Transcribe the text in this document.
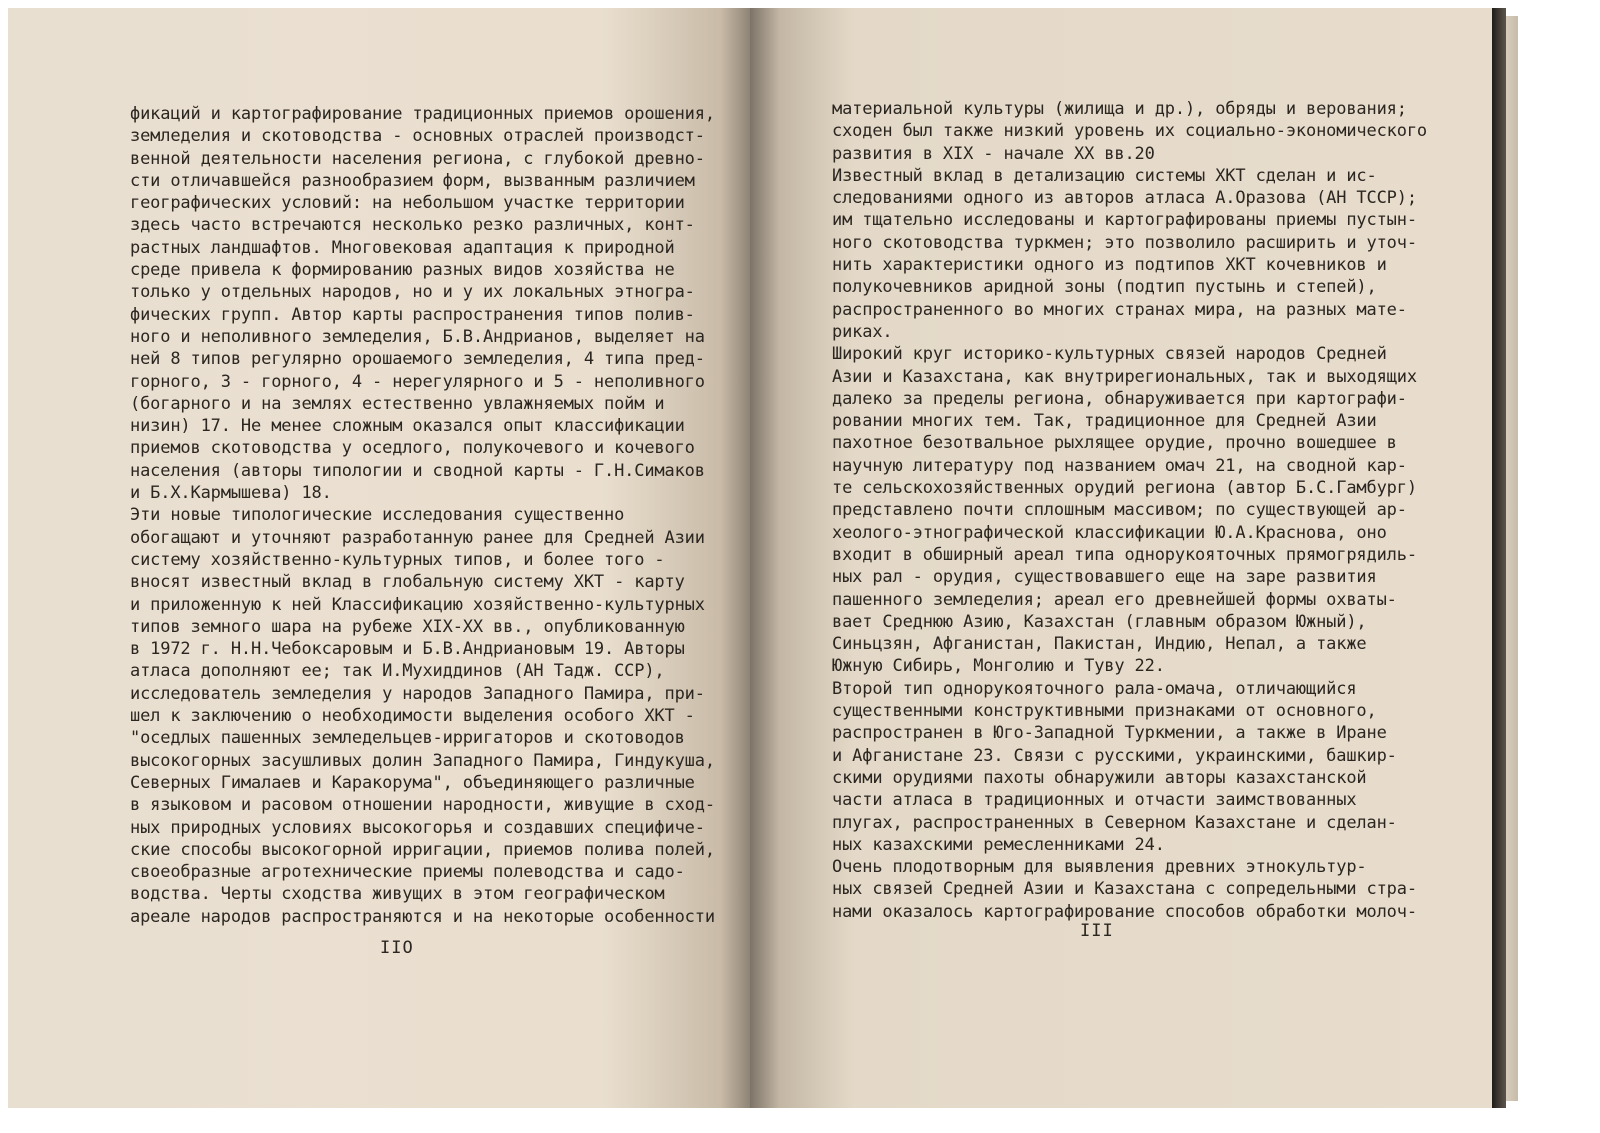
фикаций и картографирование традиционных приемов орошения,
земледелия и скотоводства - основных отраслей производст-
венной деятельности населения региона, с глубокой древно-
сти отличавшейся разнообразием форм, вызванным различием
географических условий: на небольшом участке территории
здесь часто встречаются несколько резко различных, конт-
растных ландшафтов. Многовековая адаптация к природной
среде привела к формированию разных видов хозяйства не
только у отдельных народов, но и у их локальных этногра-
фических групп. Автор карты распространения типов полив-
ного и неполивного земледелия, Б.В.Андрианов, выделяет на
ней 8 типов регулярно орошаемого земледелия, 4 типа пред-
горного, 3 - горного, 4 - нерегулярного и 5 - неполивного
(богарного и на землях естественно увлажняемых пойм и
низин) 17. Не менее сложным оказался опыт классификации
приемов скотоводства у оседлого, полукочевого и кочевого
населения (авторы типологии и сводной карты - Г.Н.Симаков
и Б.Х.Кармышева) 18.
Эти новые типологические исследования существенно
обогащают и уточняют разработанную ранее для Средней Азии
систему хозяйственно-культурных типов, и более того -
вносят известный вклад в глобальную систему ХКТ - карту
и приложенную к ней Классификацию хозяйственно-культурных
типов земного шара на рубеже XIX-XX вв., опубликованную
в 1972 г. Н.Н.Чебоксаровым и Б.В.Андриановым 19. Авторы
атласа дополняют ее; так И.Мухиддинов (АН Тадж. ССР),
исследователь земледелия у народов Западного Памира, при-
шел к заключению о необходимости выделения особого ХКТ -
"оседлых пашенных земледельцев-ирригаторов и скотоводов
высокогорных засушливых долин Западного Памира, Гиндукуша,
Северных Гималаев и Каракорума", объединяющего различные
в языковом и расовом отношении народности, живущие в сход-
ных природных условиях высокогорья и создавших специфиче-
ские способы высокогорной ирригации, приемов полива полей,
своеобразные агротехнические приемы полеводства и садо-
водства. Черты сходства живущих в этом географическом
ареале народов распространяются и на некоторые особенности
IIO
материальной культуры (жилища и др.), обряды и верования;
сходен был также низкий уровень их социально-экономического
развития в XIX - начале XX вв.20
Известный вклад в детализацию системы ХКТ сделан и ис-
следованиями одного из авторов атласа А.Оразова (АН ТССР);
им тщательно исследованы и картографированы приемы пустын-
ного скотоводства туркмен; это позволило расширить и уточ-
нить характеристики одного из подтипов ХКТ кочевников и
полукочевников аридной зоны (подтип пустынь и степей),
распространенного во многих странах мира, на разных мате-
риках.
Широкий круг историко-культурных связей народов Средней
Азии и Казахстана, как внутрирегиональных, так и выходящих
далеко за пределы региона, обнаруживается при картографи-
ровании многих тем. Так, традиционное для Средней Азии
пахотное безотвальное рыхлящее орудие, прочно вошедшее в
научную литературу под названием омач 21, на сводной кар-
те сельскохозяйственных орудий региона (автор Б.С.Гамбург)
представлено почти сплошным массивом; по существующей ар-
хеолого-этнографической классификации Ю.А.Краснова, оно
входит в обширный ареал типа однорукояточных прямогрядиль-
ных рал - орудия, существовавшего еще на заре развития
пашенного земледелия; ареал его древнейшей формы охваты-
вает Среднюю Азию, Казахстан (главным образом Южный),
Синьцзян, Афганистан, Пакистан, Индию, Непал, а также
Южную Сибирь, Монголию и Туву 22.
Второй тип однорукояточного рала-омача, отличающийся
существенными конструктивными признаками от основного,
распространен в Юго-Западной Туркмении, а также в Иране
и Афганистане 23. Связи с русскими, украинскими, башкир-
скими орудиями пахоты обнаружили авторы казахстанской
части атласа в традиционных и отчасти заимствованных
плугах, распространенных в Северном Казахстане и сделан-
ных казахскими ремесленниками 24.
Очень плодотворным для выявления древних этнокультур-
ных связей Средней Азии и Казахстана с сопредельными стра-
нами оказалось картографирование способов обработки молоч-
III
